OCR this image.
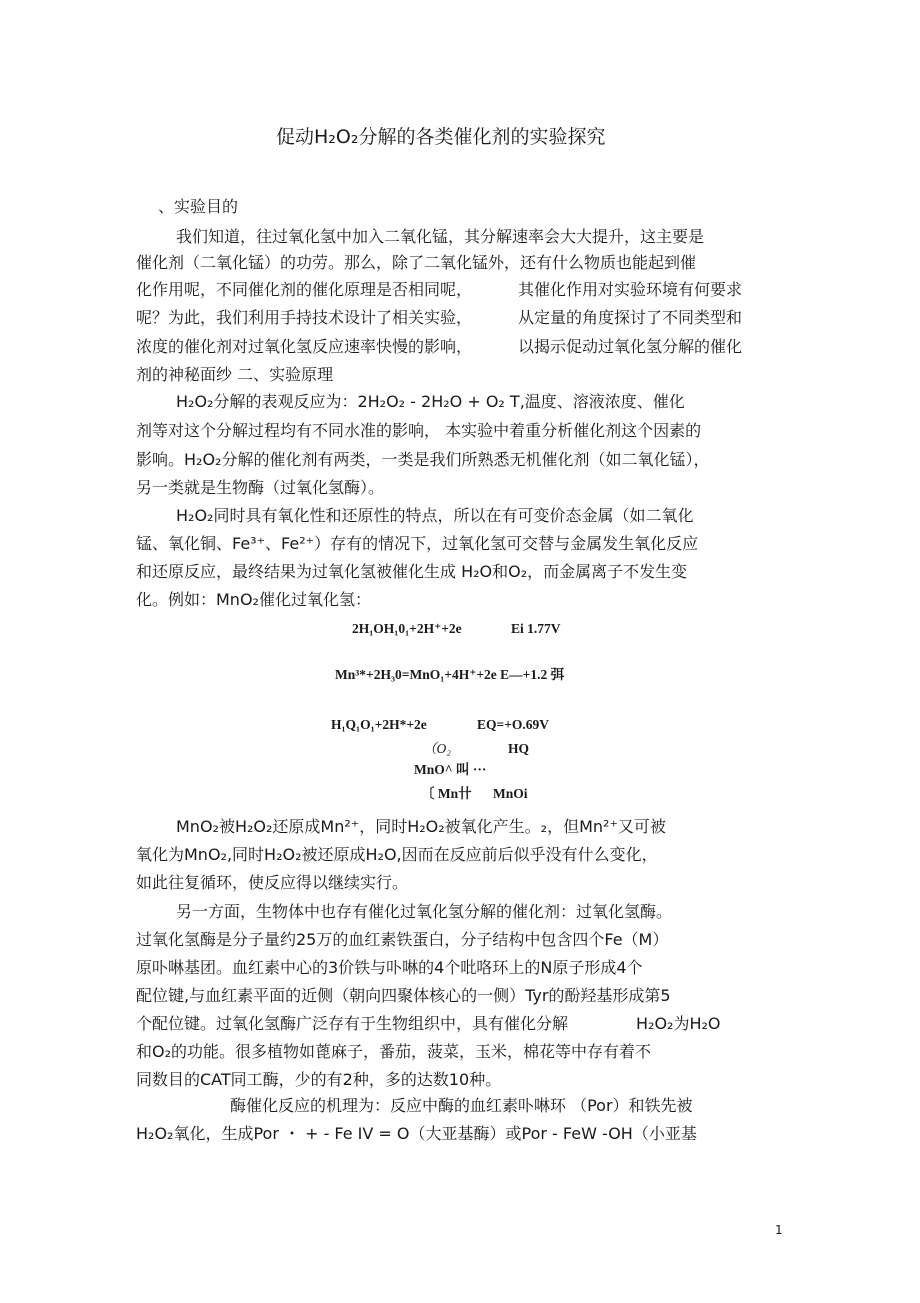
促动H₂O₂分解的各类催化剂的实验探究
、实验目的
我们知道，往过氧化氢中加入二氧化锰，其分解速率会大大提升，这主要是
催化剂（二氧化锰）的功劳。那么，除了二氧化锰外，还有什么物质也能起到催
化作用呢，不同催化剂的催化原理是否相同呢，	其催化作用对实验环境有何要求
呢？为此，我们利用手持技术设计了相关实验，	从定量的角度探讨了不同类型和
浓度的催化剂对过氧化氢反应速率快慢的影响，	以揭示促动过氧化氢分解的催化
剂的神秘面纱 二、实验原理
H₂O₂分解的表观反应为：2H₂O₂ - 2H₂O + O₂ T,温度、溶液浓度、催化
剂等对这个分解过程均有不同水准的影响， 本实验中着重分析催化剂这个因素的
影响。H₂O₂分解的催化剂有两类，一类是我们所熟悉无机催化剂（如二氧化锰），
另一类就是生物酶（过氧化氢酶）。
H₂O₂同时具有氧化性和还原性的特点，所以在有可变价态金属（如二氧化
锰、氧化铜、Fe³⁺、Fe²⁺）存有的情况下，过氧化氢可交替与金属发生氧化反应
和还原反应，最终结果为过氧化氢被催化生成 H₂O和O₂，而金属离子不发生变
化。例如：MnO₂催化过氧化氢：
2H₁OH₁0₁+2H⁺+2e	Ei 1.77V
Mn³*+2H₃0=MnO₁+4H⁺+2e E—+1.2 弭
H₁Q₁O₁+2H*+2e	EQ=+O.69V
（O₂	HQ
MnO^ 叫 ···
〔 Mn卄 MnOi
MnO₂被H₂O₂还原成Mn²⁺，同时H₂O₂被氧化产生。₂，但Mn²⁺又可被
氧化为MnO₂,同时H₂O₂被还原成H₂O,因而在反应前后似乎没有什么变化，
如此往复循环，使反应得以继续实行。
另一方面，生物体中也存有催化过氧化氢分解的催化剂：过氧化氢酶。
过氧化氢酶是分子量约25万的血红素铁蛋白，分子结构中包含四个Fe（M）
原卟啉基团。血红素中心的3价铁与卟啉的4个吡咯环上的N原子形成4个
配位键,与血红素平面的近侧（朝向四聚体核心的一侧）Tyr的酚羟基形成第5
个配位键。过氧化氢酶广泛存有于生物组织中，具有催化分解	H₂O₂为H₂O
和O₂的功能。很多植物如蓖麻子，番茄，菠菜，玉米，棉花等中存有着不
同数目的CAT同工酶，少的有2种，多的达数10种。
酶催化反应的机理为：反应中酶的血红素卟啉环 （Por）和铁先被
H₂O₂氧化，生成Por ・ + - Fe IV = O（大亚基酶）或Por - FeW -OH（小亚基
1
